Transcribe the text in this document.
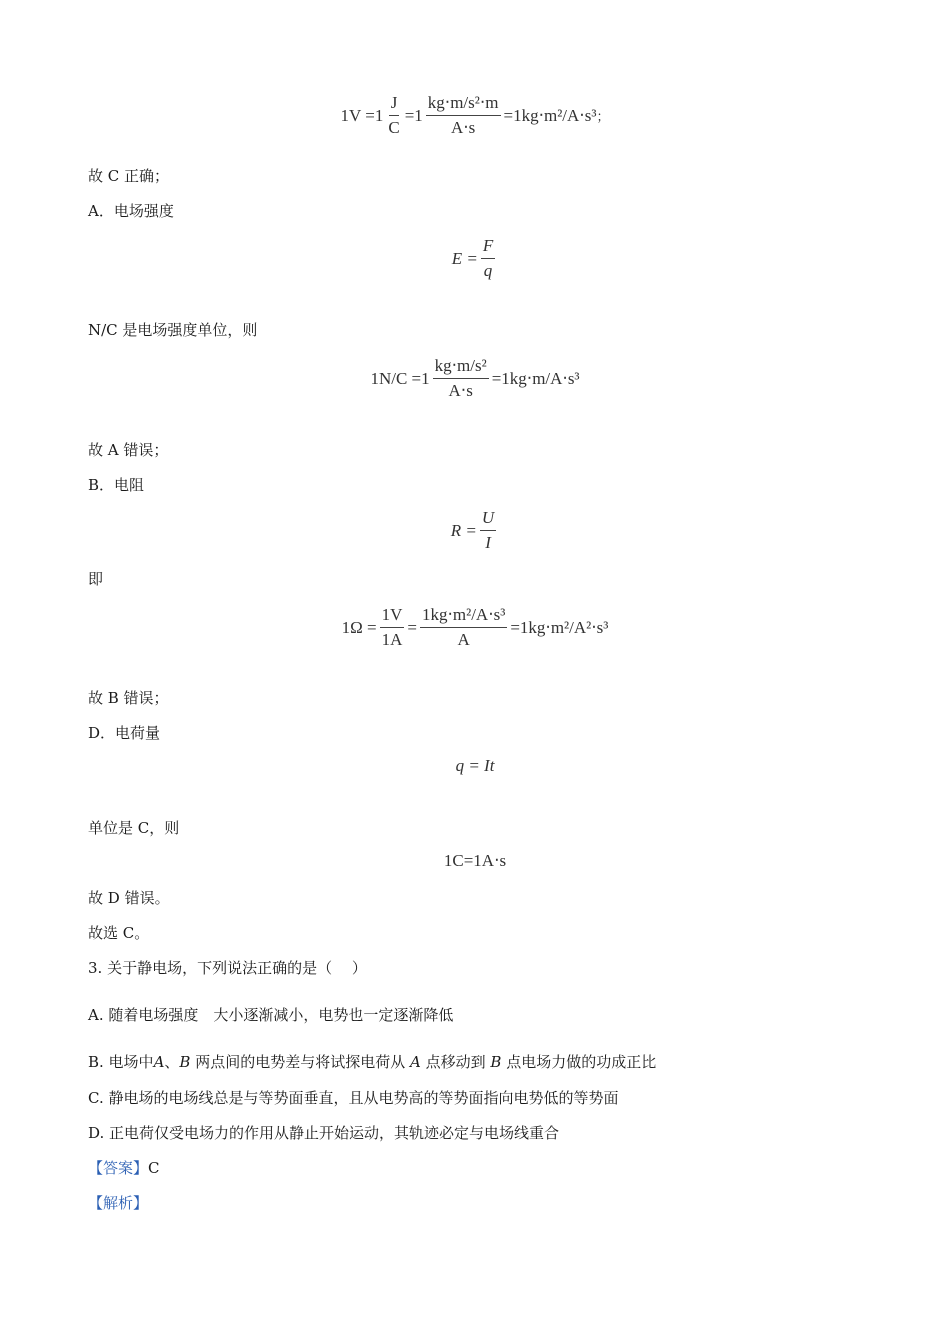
$1V =1 \frac{J}{C} =1 \frac{\text{kg‧m/s²‧m}}{A‧s}$ =1kg‧m²/A‧s³ ；
故 C 正确；
A．电场强度
$E = \frac{F}{q}$
N/C 是电场强度单位，则
$1N/C =1 \frac{\text{kg‧m/s²}}{A‧s}$ =1kg‧m/A‧s³
故 A 错误；
B．电阻
$R = \frac{U}{I}$
即
$1\Omega = \frac{1V}{1A} = \frac{\text{1kg‧m²/A‧s³}}{A}$ =1kg‧m²/A²‧s³
故 B 错误；
D．电荷量
q = It
单位是 C，则
1C=1A‧s
故 D 错误。
故选 C。
3. 关于静电场，下列说法正确的是（　 ）
A. 随着电场强度　大小逐渐减小，电势也一定逐渐降低
B. 电场中A、B 两点间的电势差与将试探电荷从 A 点移动到 B 点电场力做的功成正比
C. 静电场的电场线总是与等势面垂直，且从电势高的等势面指向电势低的等势面
D. 正电荷仅受电场力的作用从静止开始运动，其轨迹必定与电场线重合
【答案】C
【解析】
